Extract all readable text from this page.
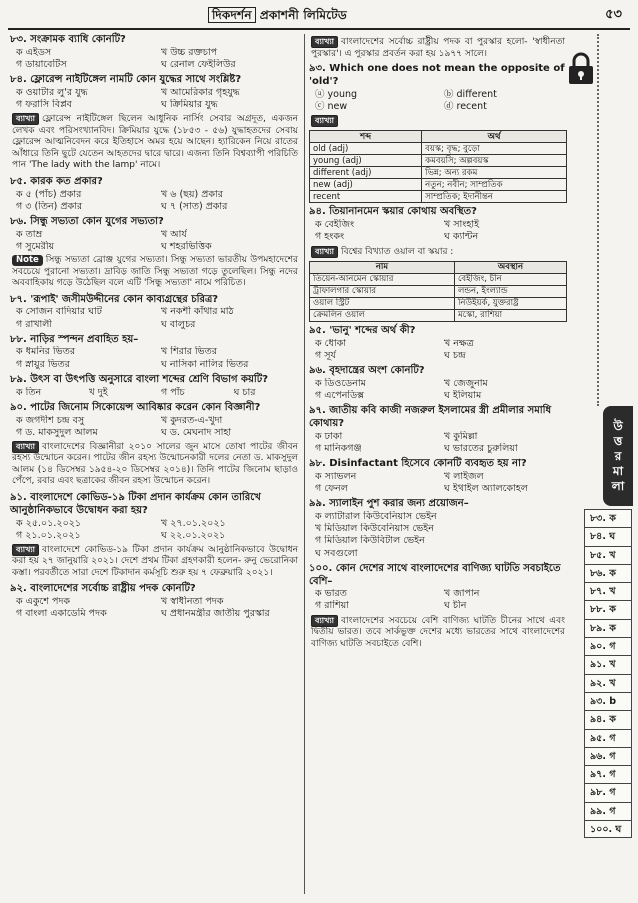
দিকদর্শন প্রকাশনী লিমিটেড	৫৩
৮৩. সংক্রামক ব্যাধি কোনটি?
ক এইডস	খ উচ্চ রক্তচাপ
গ ডায়াবেটিস	ঘ রেনাল ফেইলিউর
৮৪. ফ্লোরেন্স নাইটিঙ্গেল নামটি কোন যুদ্ধের সাথে সংশ্লিষ্ট?
ক ওয়াটার লু'র যুদ্ধ	খ আমেরিকার গৃহযুদ্ধ
গ ফরাসি বিপ্লব	ঘ ক্রিমিয়ার যুদ্ধ
ব্যাখ্যা ফ্লোরেন্স নাইটিঙ্গেল ছিলেন আধুনিক নার্সিং সেবার অগ্রদূত, একজন লেখক এবং পরিসংখ্যানবিদ। ক্রিমিয়ার যুদ্ধে (১৮৫৩ - ৫৬) যুদ্ধাহতদের সেবায় ফ্লোরেন্স আত্মনিবেদন করে ইতিহাসে অমর হয়ে আছেন। হ্যারিকেন নিয়ে রাতের আঁধারে তিনি ছুটে যেতেন আহতদের দ্বারে দ্বারে। এজন্য তিনি বিশ্বব্যাপী পরিচিতি পান 'The lady with the lamp' নামে।
৮৫. কারক কত প্রকার?
ক ৫ (পাঁচ) প্রকার	খ ৬ (ছয়) প্রকার
গ ৩ (তিন) প্রকার	ঘ ৭ (সাত) প্রকার
৮৬. সিন্ধু সভ্যতা কোন যুগের সভ্যতা?
ক তাম্র	খ আর্য
গ সুমেরীয়	ঘ শহরভিত্তিক
Note সিন্ধু সভ্যতা ব্রোঞ্জ যুগের সভ্যতা। সিন্ধু সভ্যতা ভারতীয় উপমহাদেশের সবচেয়ে পুরানো সভ্যতা। দ্রাবিড় জাতি সিন্ধু সভ্যতা গড়ে তুলেছিল। সিন্ধু নদের অববাহিকায় গড়ে উঠেছিল বলে এটি 'সিন্ধু সভ্যতা' নামে পরিচিত।
৮৭. 'রূপাই' জসীমউদ্দীনের কোন কাব্যগ্রন্থের চরিত্র?
ক সোজন বাদিয়ার ঘাট	খ নকশী কাঁথার মাঠ
গ রাখালী	ঘ বালুচর
৮৮. নাড়ির স্পন্দন প্রবাহিত হয়–
ক ধমনির ভিতর	খ শিরার ভিতর
গ স্নায়ুর ভিতর	ঘ নাসিকা নালির ভিতর
৮৯. উৎস বা উৎপত্তি অনুসারে বাংলা শব্দের শ্রেণি বিভাগ কয়টি?
ক তিন	খ দুই	গ পাঁচ	ঘ চার
৯০. পাটের জিনোম সিকোয়েন্স আবিষ্কার করেন কোন বিজ্ঞানী?
ক জগদীশ চন্দ্র বসু	খ কুদরত-এ-খুদা
গ ড. মাকসুদুল আলম	ঘ ড. মেঘনাদ সাহা
ব্যাখ্যা বাংলাদেশের বিজ্ঞানীরা ২০১০ সালের জুন মাসে তোষা পাটের জীবন রহস্য উন্মোচন করেন। পাটের জীন রহস্য উন্মোচনকারী দলের নেতা ড. মাকসুদুল আলম (১৪ ডিসেম্বর ১৯৫৪-২০ ডিসেম্বর ২০১৪)। তিনি পাটের জিনোম ছাড়াও পেঁপে, রবার এবং ছত্রাকের জীবন রহস্য উন্মোচন করেন।
৯১. বাংলাদেশে কোভিড-১৯ টিকা প্রদান কার্যক্রম কোন তারিখে আনুষ্ঠানিকভাবে উদ্বোধন করা হয়?
ক ২৫.০১.২০২১	খ ২৭.০১.২০২১
গ ২১.০১.২০২১	ঘ ২২.০১.২০২১
ব্যাখ্যা বাংলাদেশে কোভিড-১৯ টিকা প্রদান কার্যক্রম আনুষ্ঠানিকভাবে উদ্বোধন করা হয় ২৭ জানুয়ারি ২০২১। দেশে প্রথম টিকা গ্রহণকারী হলেন- রুনু ভেরোনিকা কস্তা। পরবর্তীতে সারা দেশে টিকাদান কর্মসূচি শুরু হয় ৭ ফেব্রুয়ারি ২০২১।
৯২. বাংলাদেশের সর্বোচ্চ রাষ্ট্রীয় পদক কোনটি?
ক একুশে পদক	খ স্বাধীনতা পদক
গ বাংলা একাডেমি পদক	ঘ প্রধানমন্ত্রীর জাতীয় পুরস্কার
ব্যাখ্যা বাংলাদেশের সর্বোচ্চ রাষ্ট্রীয় পদক বা পুরস্কার হলো- 'স্বাধীনতা পুরস্কার'। এ পুরস্কার প্রবর্তন করা হয় ১৯৭৭ সালে।
৯৩. Which one does not mean the opposite of 'old'?
ⓐ young	ⓑ different
ⓒ new	ⓓ recent
ব্যাখ্যা
শব্দ	অর্থ
old (adj)	বয়স্ক; বৃদ্ধ; বুড়ো
young (adj)	কমবয়সি; অল্পবয়স্ক
different (adj)	ভিন্ন; অন্য রকম
new (adj)	নতুন; নবীন; সাম্প্রতিক
recent	সাম্প্রতিক; ইদানীন্তন
৯৪. তিয়ানানমেন স্কয়ার কোথায় অবস্থিত?
ক বেইজিং	খ সাংহাই
গ হংকং	ঘ ক্যান্টন
ব্যাখ্যা বিশ্বের বিখ্যাত ওয়াল বা স্কয়ার :
নাম	অবস্থান
তিয়েন-আনমেন স্কোয়ার	বেইজিং, চীন
ট্রাফালগার স্কোয়ার	লন্ডন, ইংল্যান্ড
ওয়াল স্ট্রিট	নিউইয়র্ক, যুক্তরাষ্ট্র
ক্রেমলিন ওয়াল	মস্কো, রাশিয়া
৯৫. 'ভানু' শব্দের অর্থ কী?
ক ধোকা	খ নক্ষত্র
গ সূর্য	ঘ চন্দ্র
৯৬. বৃহদান্ত্রের অংশ কোনটি?
ক ডিওডেনাম	খ জেজুনাম
গ এপেনডিক্স	ঘ ইলিয়াম
৯৭. জাতীয় কবি কাজী নজরুল ইসলামের স্ত্রী প্রমীলার সমাধি কোথায়?
ক ঢাকা	খ কুমিল্লা
গ মানিকগঞ্জ	ঘ ভারতের চুরুলিয়া
৯৮. Disinfactant হিসেবে কোনটি ব্যবহৃত হয় না?
ক স্যাভলন	খ লাইজল
গ ফেনল	ঘ ইথাইল অ্যালকোহল
৯৯. স্যালাইন পুশ করার জন্য প্রয়োজন–
ক ল্যাটারাল কিউবেনিয়াস ভেইন
খ মিডিয়াল কিউবেনিয়াস ভেইন
গ মিডিয়াল কিউবিটাল ভেইন
ঘ সবগুলো
১০০. কোন দেশের সাথে বাংলাদেশের বাণিজ্য ঘাটতি সবচাইতে বেশি–
ক ভারত	খ জাপান
গ রাশিয়া	ঘ চীন
ব্যাখ্যা বাংলাদেশের সবচেয়ে বেশি বাণিজ্য ঘাটতি চীনের সাথে এবং দ্বিতীয় ভারত। তবে সার্কভুক্ত দেশের মধ্যে ভারতের সাথে বাংলাদেশের বাণিজ্য ঘাটতি সবচাইতে বেশি।
উ
ত্ত
র
মা
লা
৮৩. ক
৮৪. ঘ
৮৫. খ
৮৬. ক
৮৭. খ
৮৮. ক
৮৯. ক
৯০. গ
৯১. খ
৯২. খ
৯৩. b
৯৪. ক
৯৫. গ
৯৬. গ
৯৭. গ
৯৮. গ
৯৯. গ
১০০. ঘ
